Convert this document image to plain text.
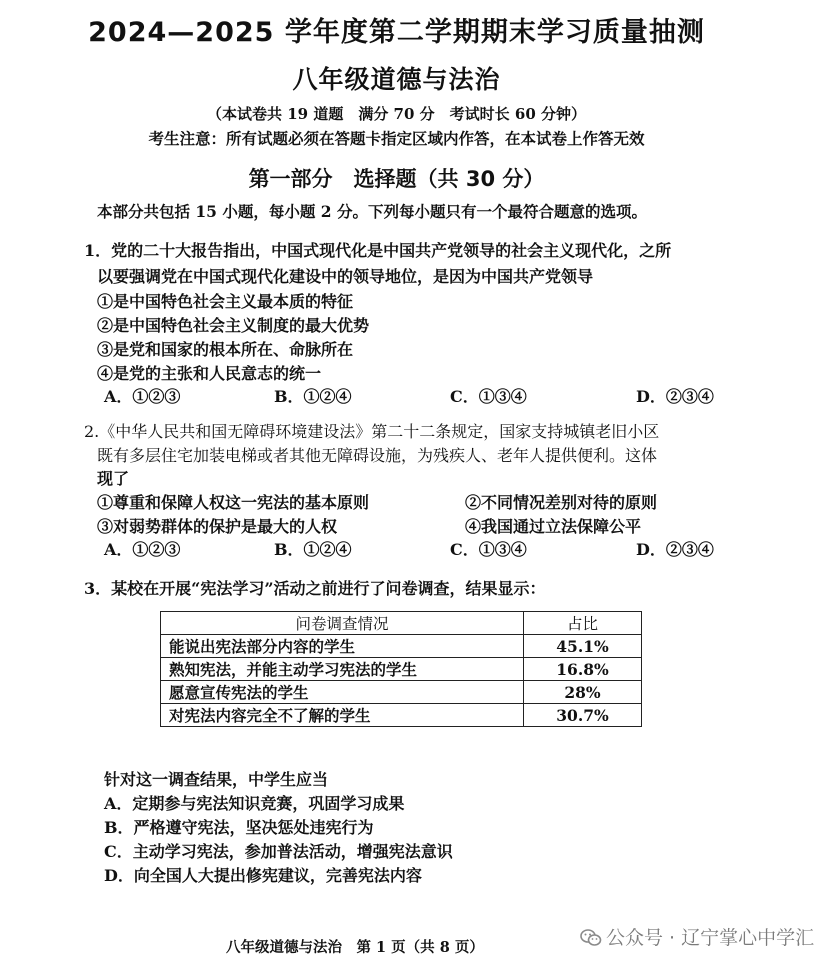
2024—2025 学年度第二学期期末学习质量抽测
八年级道德与法治
（本试卷共 19 道题　满分 70 分　考试时长 60 分钟）
考生注意：所有试题必须在答题卡指定区域内作答，在本试卷上作答无效
第一部分　选择题（共 30 分）
本部分共包括 15 小题，每小题 2 分。下列每小题只有一个最符合题意的选项。
1．党的二十大报告指出，中国式现代化是中国共产党领导的社会主义现代化，之所
以要强调党在中国式现代化建设中的领导地位，是因为中国共产党领导
①是中国特色社会主义最本质的特征
②是中国特色社会主义制度的最大优势
③是党和国家的根本所在、命脉所在
④是党的主张和人民意志的统一
A．①②③	B．①②④	C．①③④	D．②③④
2.《中华人民共和国无障碍环境建设法》第二十二条规定，国家支持城镇老旧小区
既有多层住宅加装电梯或者其他无障碍设施，为残疾人、老年人提供便利。这体
现了
①尊重和保障人权这一宪法的基本原则	②不同情况差别对待的原则
③对弱势群体的保护是最大的人权	④我国通过立法保障公平
A．①②③	B．①②④	C．①③④	D．②③④
3．某校在开展“宪法学习”活动之前进行了问卷调查，结果显示：
问卷调查情况	占比
能说出宪法部分内容的学生	45.1%
熟知宪法，并能主动学习宪法的学生	16.8%
愿意宣传宪法的学生	28%
对宪法内容完全不了解的学生	30.7%
针对这一调查结果，中学生应当
A．定期参与宪法知识竞赛，巩固学习成果
B．严格遵守宪法，坚决惩处违宪行为
C．主动学习宪法，参加普法活动，增强宪法意识
D．向全国人大提出修宪建议，完善宪法内容
公众号 · 辽宁掌心中学汇
八年级道德与法治　第 1 页（共 8 页）
